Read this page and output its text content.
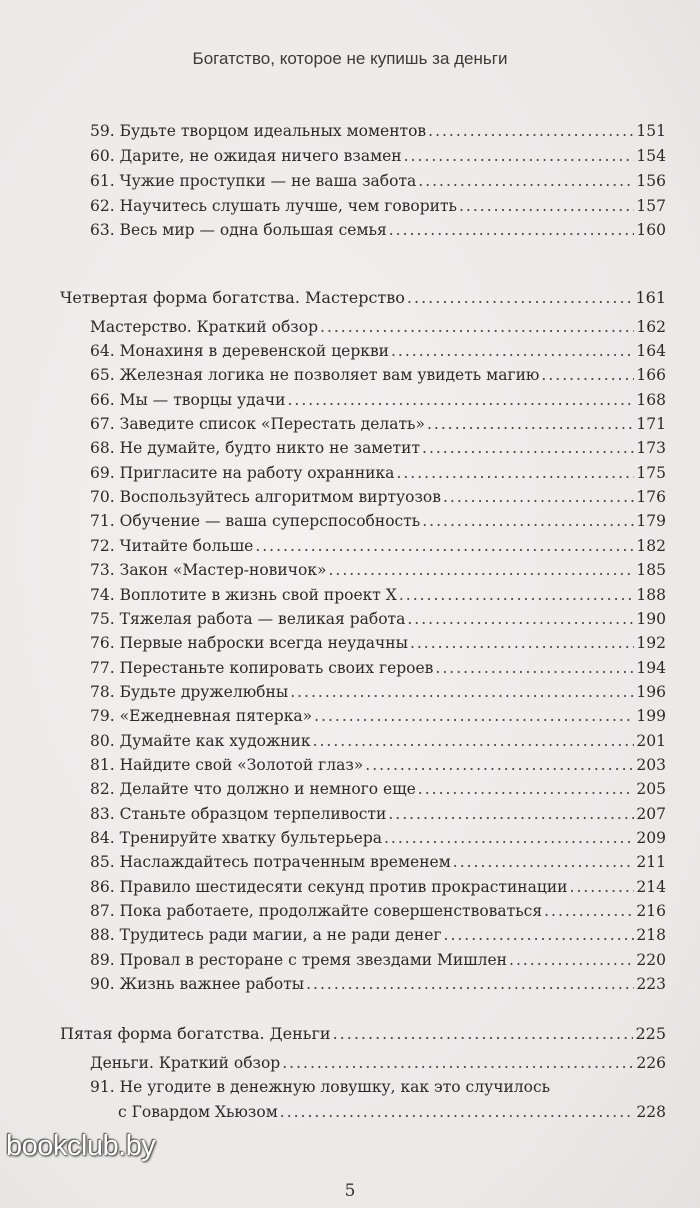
Богатство, которое не купишь за деньги
59. Будьте творцом идеальных моментов .....	151
60. Дарите, не ожидая ничего взамен .....	154
61. Чужие проступки — не ваша забота .....	156
62. Научитесь слушать лучше, чем говорить .....	157
63. Весь мир — одна большая семья .....	160
Четвертая форма богатства. Мастерство .....	161
Мастерство. Краткий обзор .....	162
64. Монахиня в деревенской церкви .....	164
65. Железная логика не позволяет вам увидеть магию .....	166
66. Мы — творцы удачи .....	168
67. Заведите список «Перестать делать» .....	171
68. Не думайте, будто никто не заметит .....	173
69. Пригласите на работу охранника .....	175
70. Воспользуйтесь алгоритмом виртуозов .....	176
71. Обучение — ваша суперспособность .....	179
72. Читайте больше .....	182
73. Закон «Мастер-новичок» .....	185
74. Воплотите в жизнь свой проект X .....	188
75. Тяжелая работа — великая работа .....	190
76. Первые наброски всегда неудачны .....	192
77. Перестаньте копировать своих героев .....	194
78. Будьте дружелюбны .....	196
79. «Ежедневная пятерка» .....	199
80. Думайте как художник .....	201
81. Найдите свой «Золотой глаз» .....	203
82. Делайте что должно и немного еще .....	205
83. Станьте образцом терпеливости .....	207
84. Тренируйте хватку бультерьера .....	209
85. Наслаждайтесь потраченным временем .....	211
86. Правило шестидесяти секунд против прокрастинации .....	214
87. Пока работаете, продолжайте совершенствоваться .....	216
88. Трудитесь ради магии, а не ради денег .....	218
89. Провал в ресторане с тремя звездами Мишлен .....	220
90. Жизнь важнее работы .....	223
Пятая форма богатства. Деньги .....	225
Деньги. Краткий обзор .....	226
91. Не угодите в денежную ловушку, как это случилось
с Говардом Хьюзом .....	228
bookclub.by
5
